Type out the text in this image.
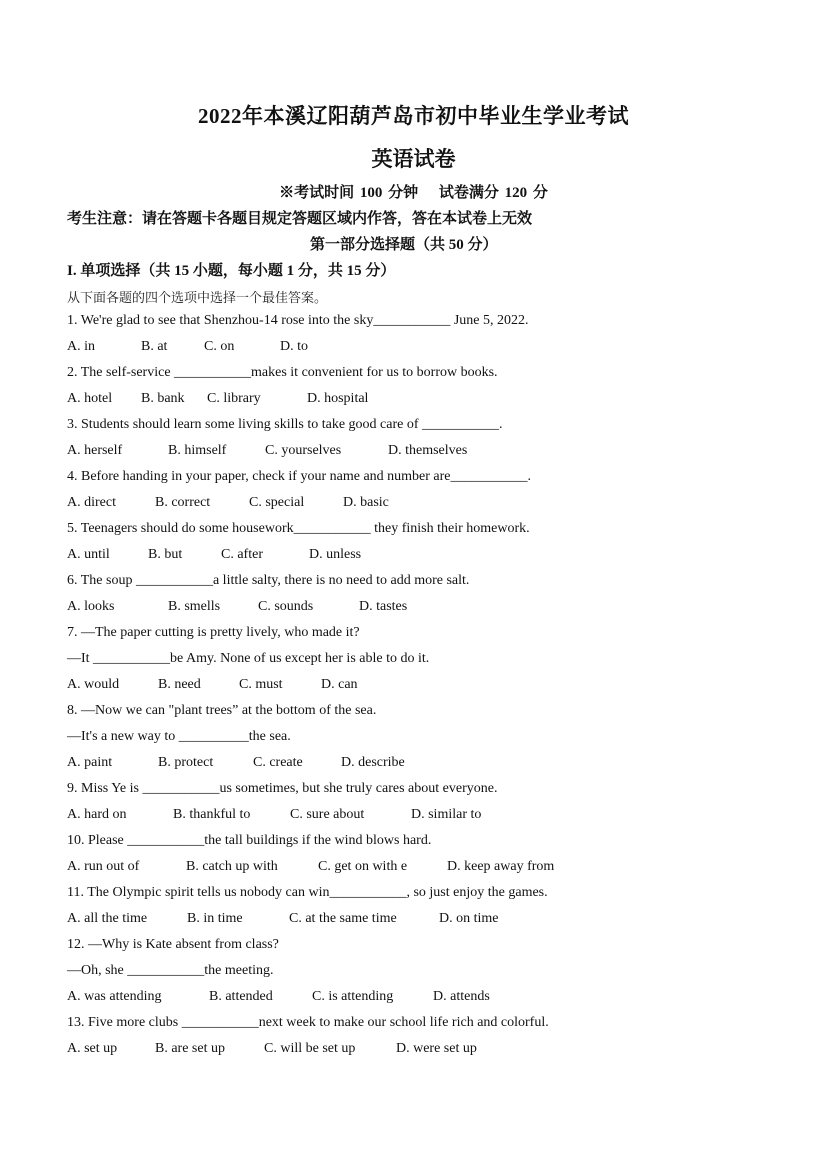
2022年本溪辽阳葫芦岛市初中毕业生学业考试
英语试卷
※考试时间 100 分钟　 试卷满分 120 分
考生注意：请在答题卡各题目规定答题区域内作答，答在本试卷上无效
第一部分选择题（共 50 分）
I. 单项选择（共 15 小题，每小题 1 分，共 15 分）
从下面各题的四个选项中选择一个最佳答案。
1. We're glad to see that Shenzhou-14 rose into the sky___________ June 5, 2022.
A. in	B. at	C. on	D. to
2. The self-service ___________makes it convenient for us to borrow books.
A. hotel	B. bank	C. library	D. hospital
3. Students should learn some living skills to take good care of ___________.
A. herself	B. himself	C. yourselves	D. themselves
4. Before handing in your paper, check if your name and number are___________.
A. direct	B. correct	C. special	D. basic
5. Teenagers should do some housework___________ they finish their homework.
A. until	B. but	C. after	D. unless
6. The soup ___________a little salty, there is no need to add more salt.
A. looks	B. smells	C. sounds	D. tastes
7. —The paper cutting is pretty lively, who made it?
—It ___________be Amy. None of us except her is able to do it.
A. would	B. need	C. must	D. can
8. —Now we can "plant trees” at the bottom of the sea.
—It's a new way to __________the sea.
A. paint	B. protect	C. create	D. describe
9. Miss Ye is ___________us sometimes, but she truly cares about everyone.
A. hard on	B. thankful to	C. sure about	D. similar to
10. Please ___________the tall buildings if the wind blows hard.
A. run out of	B. catch up with	C. get on with e	D. keep away from
11. The Olympic spirit tells us nobody can win___________, so just enjoy the games.
A. all the time	B. in time	C. at the same time	D. on time
12. —Why is Kate absent from class?
—Oh, she ___________the meeting.
A. was attending	B. attended	C. is attending	D. attends
13. Five more clubs ___________next week to make our school life rich and colorful.
A. set up	B. are set up	C. will be set up	D. were set up
